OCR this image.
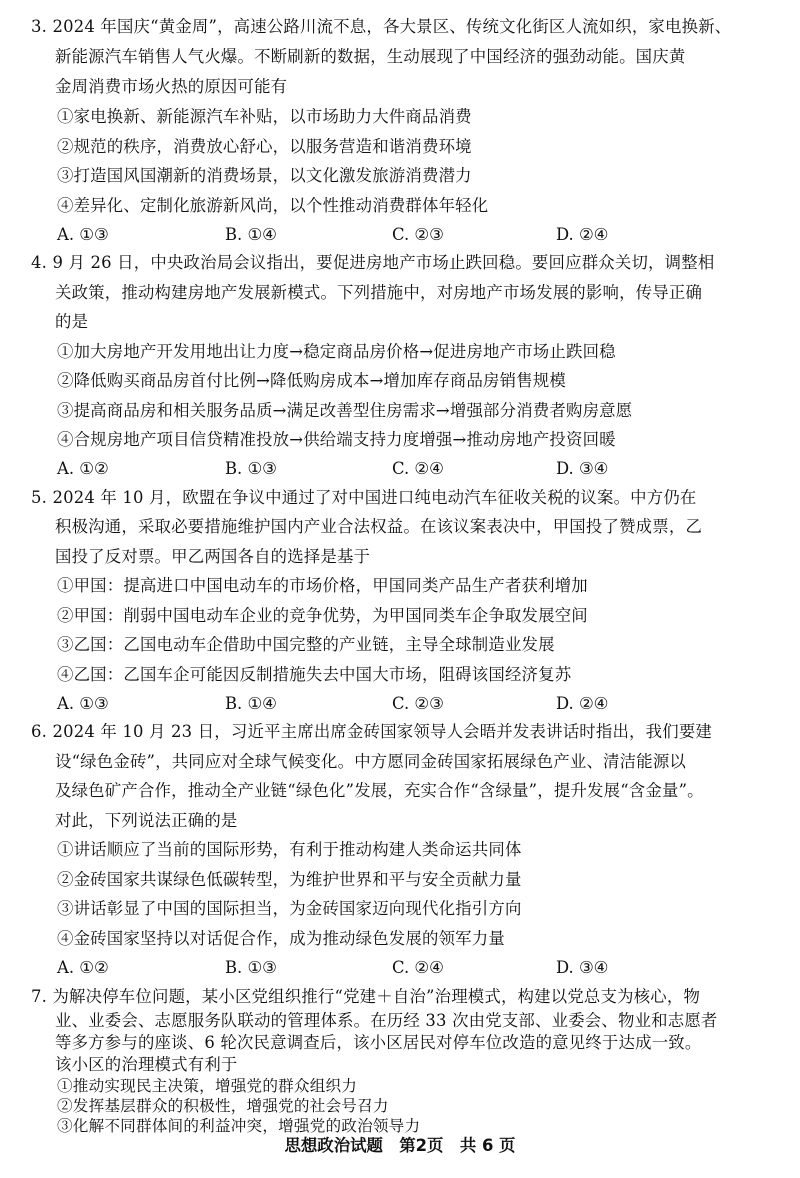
3. 2024 年国庆“黄金周”，高速公路川流不息，各大景区、传统文化街区人流如织，家电换新、
新能源汽车销售人气火爆。不断刷新的数据，生动展现了中国经济的强劲动能。国庆黄
金周消费市场火热的原因可能有
①家电换新、新能源汽车补贴，以市场助力大件商品消费
②规范的秩序，消费放心舒心，以服务营造和谐消费环境
③打造国风国潮新的消费场景，以文化激发旅游消费潜力
④差异化、定制化旅游新风尚，以个性推动消费群体年轻化
A. ①③	B. ①④	C. ②③	D. ②④
4. 9 月 26 日，中央政治局会议指出，要促进房地产市场止跌回稳。要回应群众关切，调整相
关政策，推动构建房地产发展新模式。下列措施中，对房地产市场发展的影响，传导正确
的是
①加大房地产开发用地出让力度→稳定商品房价格→促进房地产市场止跌回稳
②降低购买商品房首付比例→降低购房成本→增加库存商品房销售规模
③提高商品房和相关服务品质→满足改善型住房需求→增强部分消费者购房意愿
④合规房地产项目信贷精准投放→供给端支持力度增强→推动房地产投资回暖
A. ①②	B. ①③	C. ②④	D. ③④
5. 2024 年 10 月，欧盟在争议中通过了对中国进口纯电动汽车征收关税的议案。中方仍在
积极沟通，采取必要措施维护国内产业合法权益。在该议案表决中，甲国投了赞成票，乙
国投了反对票。甲乙两国各自的选择是基于
①甲国：提高进口中国电动车的市场价格，甲国同类产品生产者获利增加
②甲国：削弱中国电动车企业的竞争优势，为甲国同类车企争取发展空间
③乙国：乙国电动车企借助中国完整的产业链，主导全球制造业发展
④乙国：乙国车企可能因反制措施失去中国大市场，阻碍该国经济复苏
A. ①③	B. ①④	C. ②③	D. ②④
6. 2024 年 10 月 23 日，习近平主席出席金砖国家领导人会晤并发表讲话时指出，我们要建
设“绿色金砖”，共同应对全球气候变化。中方愿同金砖国家拓展绿色产业、清洁能源以
及绿色矿产合作，推动全产业链“绿色化”发展，充实合作“含绿量”，提升发展“含金量”。
对此，下列说法正确的是
①讲话顺应了当前的国际形势，有利于推动构建人类命运共同体
②金砖国家共谋绿色低碳转型，为维护世界和平与安全贡献力量
③讲话彰显了中国的国际担当，为金砖国家迈向现代化指引方向
④金砖国家坚持以对话促合作，成为推动绿色发展的领军力量
A. ①②	B. ①③	C. ②④	D. ③④
7. 为解决停车位问题，某小区党组织推行“党建＋自治”治理模式，构建以党总支为核心，物
业、业委会、志愿服务队联动的管理体系。在历经 33 次由党支部、业委会、物业和志愿者
等多方参与的座谈、6 轮次民意调查后，该小区居民对停车位改造的意见终于达成一致。
该小区的治理模式有利于
①推动实现民主决策，增强党的群众组织力
②发挥基层群众的积极性，增强党的社会号召力
③化解不同群体间的利益冲突，增强党的政治领导力
思想政治试题　第2页　共 6 页
